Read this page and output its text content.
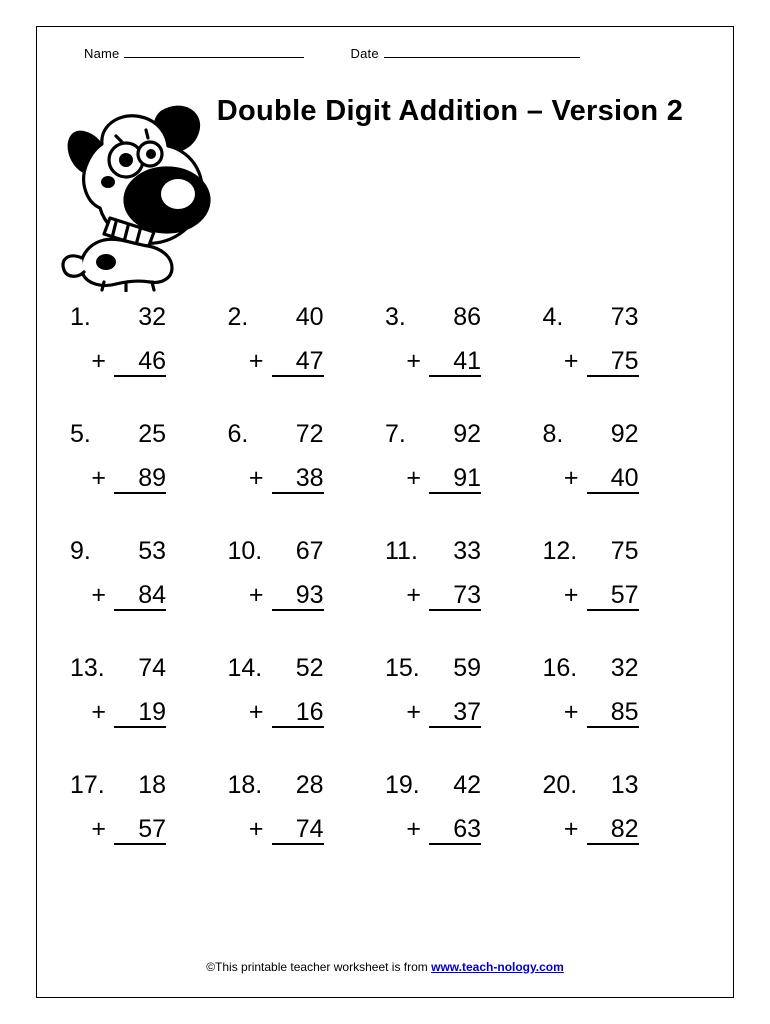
Name	Date
Double Digit Addition – Version 2
1.	32
+	46
2.	40
+	47
3.	86
+	41
4.	73
+	75
5.	25
+	89
6.	72
+	38
7.	92
+	91
8.	92
+	40
9.	53
+	84
10.	67
+	93
11.	33
+	73
12.	75
+	57
13.	74
+	19
14.	52
+	16
15.	59
+	37
16.	32
+	85
17.	18
+	57
18.	28
+	74
19.	42
+	63
20.	13
+	82
©This printable teacher worksheet is from www.teach-nology.com
